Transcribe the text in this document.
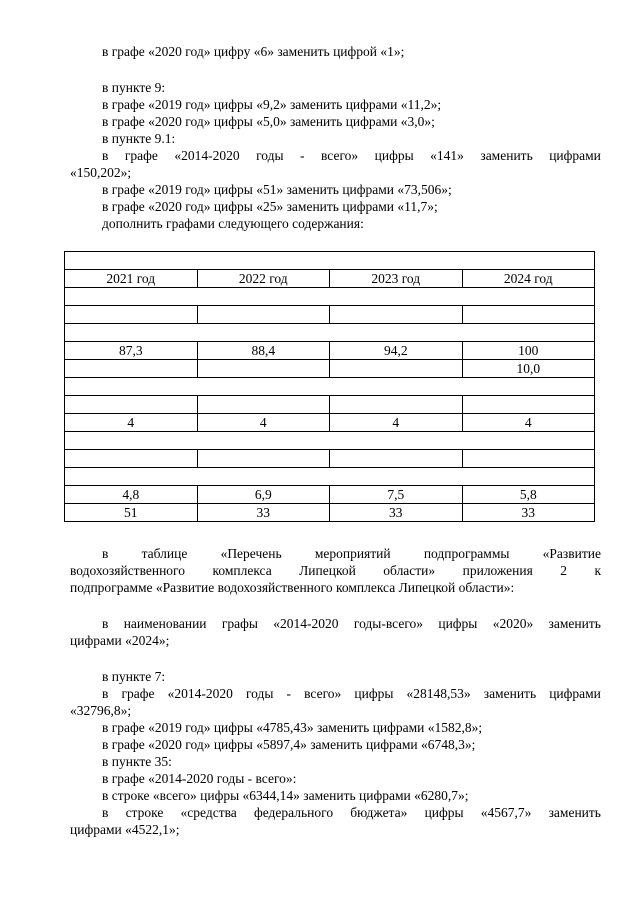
в графе «2020 год» цифру «6» заменить цифрой «1»;
в пункте 9:
в графе «2019 год» цифры «9,2» заменить цифрами «11,2»;
в графе «2020 год» цифры «5,0» заменить цифрами «3,0»;
в пункте 9.1:
в графе «2014-2020 годы - всего» цифры «141» заменить цифрами
«150,202»;
в графе «2019 год» цифры «51» заменить цифрами «73,506»;
в графе «2020 год» цифры «25» заменить цифрами «11,7»;
дополнить графами следующего содержания:

2021 год	2022 год	2023 год	2024 год

87,3	88,4	94,2	100
			10,0

4	4	4	4

4,8	6,9	7,5	5,8
51	33	33	33
в таблице «Перечень мероприятий подпрограммы «Развитие
водохозяйственного комплекса Липецкой области» приложения 2 к
подпрограмме «Развитие водохозяйственного комплекса Липецкой области»:
в наименовании графы «2014-2020 годы-всего» цифры «2020» заменить
цифрами «2024»;
в пункте 7:
в графе «2014-2020 годы - всего» цифры «28148,53» заменить цифрами
«32796,8»;
в графе «2019 год» цифры «4785,43» заменить цифрами «1582,8»;
в графе «2020 год» цифры «5897,4» заменить цифрами «6748,3»;
в пункте 35:
в графе «2014-2020 годы - всего»:
в строке «всего» цифры «6344,14» заменить цифрами «6280,7»;
в строке «средства федерального бюджета» цифры «4567,7» заменить
цифрами «4522,1»;
